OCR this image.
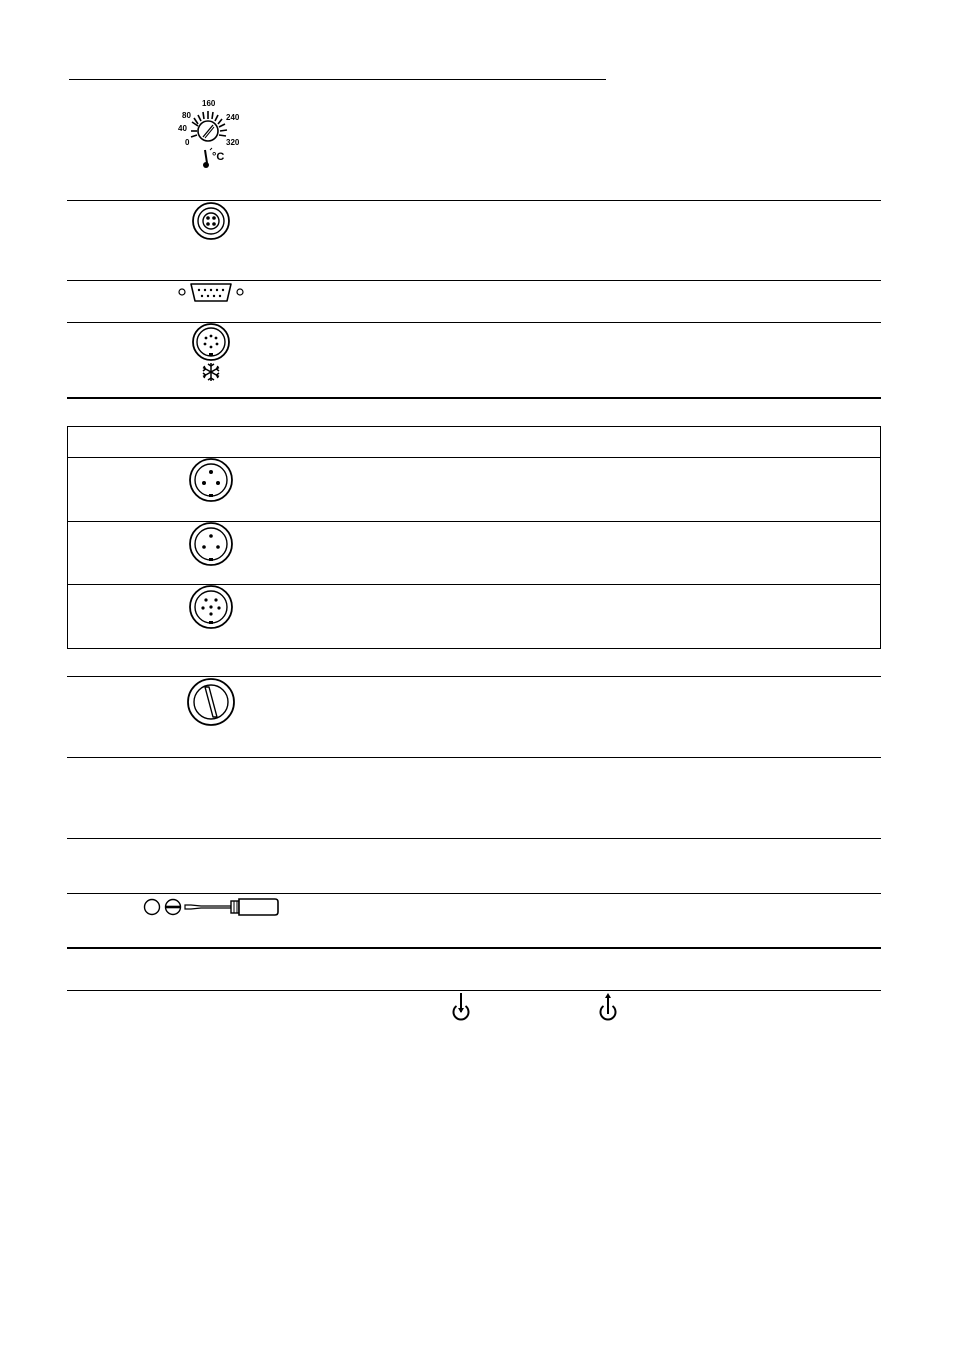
160
80	240
40
0	320
°C
